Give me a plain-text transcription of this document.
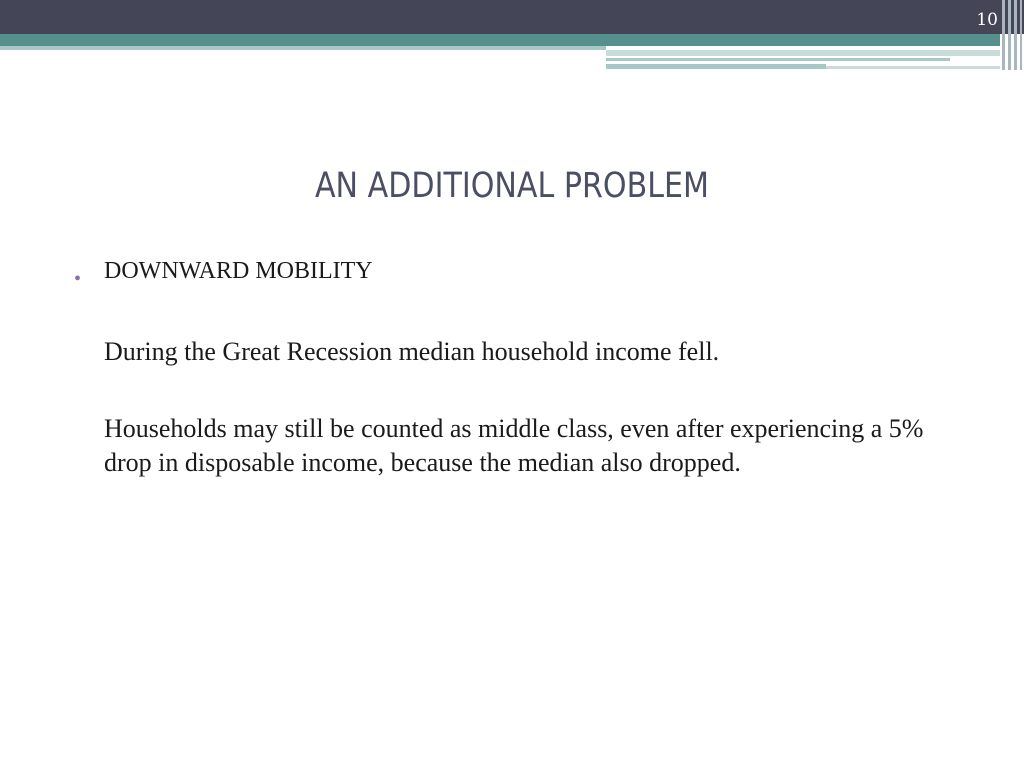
10
AN ADDITIONAL PROBLEM
• DOWNWARD MOBILITY
During the Great Recession median household income fell.
Households may still be counted as middle class, even after experiencing a 5% drop in disposable income, because the median also dropped.
